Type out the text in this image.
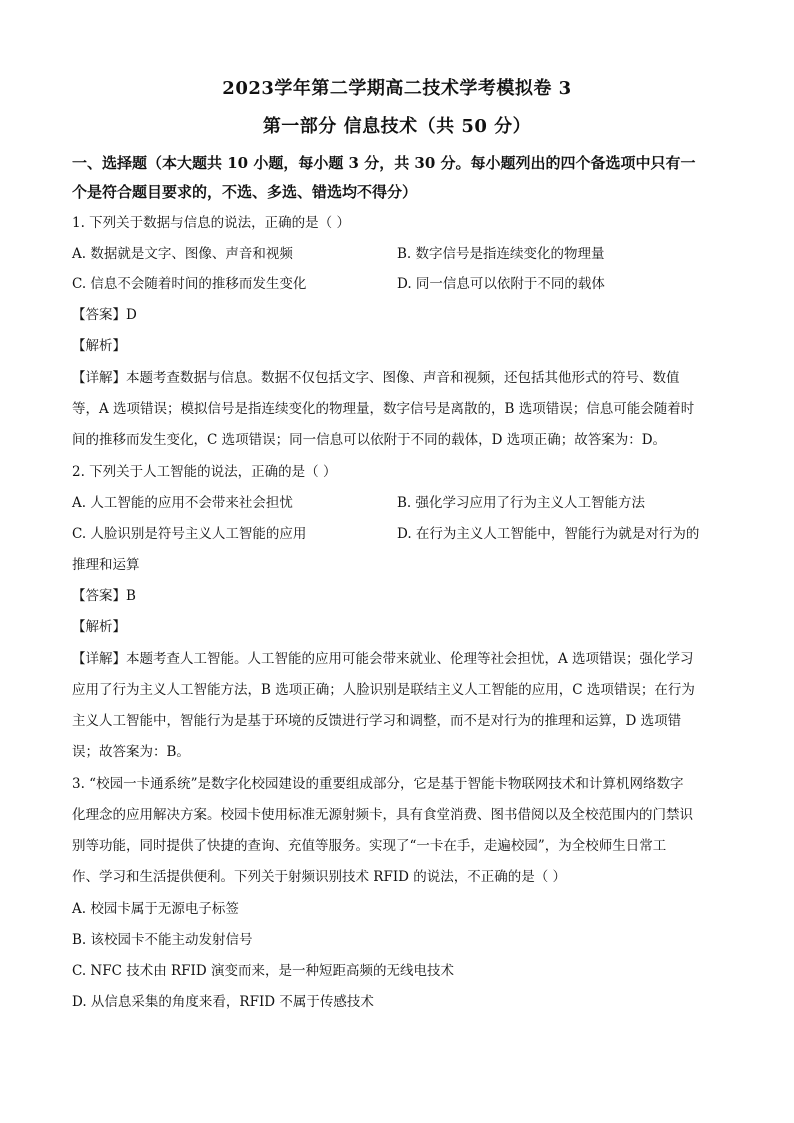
2023学年第二学期高二技术学考模拟卷 3
第一部分 信息技术（共 50 分）
一、选择题（本大题共 10 小题，每小题 3 分，共 30 分。每小题列出的四个备选项中只有一
个是符合题目要求的，不选、多选、错选均不得分）
1. 下列关于数据与信息的说法，正确的是（ ）
A. 数据就是文字、图像、声音和视频	B. 数字信号是指连续变化的物理量
C. 信息不会随着时间的推移而发生变化	D. 同一信息可以依附于不同的载体
【答案】D
【解析】
【详解】本题考查数据与信息。数据不仅包括文字、图像、声音和视频，还包括其他形式的符号、数值
等，A 选项错误；模拟信号是指连续变化的物理量，数字信号是离散的，B 选项错误；信息可能会随着时
间的推移而发生变化，C 选项错误；同一信息可以依附于不同的载体，D 选项正确；故答案为：D。
2. 下列关于人工智能的说法，正确的是（ ）
A. 人工智能的应用不会带来社会担忧	B. 强化学习应用了行为主义人工智能方法
C. 人脸识别是符号主义人工智能的应用	D. 在行为主义人工智能中，智能行为就是对行为的
推理和运算
【答案】B
【解析】
【详解】本题考查人工智能。人工智能的应用可能会带来就业、伦理等社会担忧，A 选项错误；强化学习
应用了行为主义人工智能方法，B 选项正确；人脸识别是联结主义人工智能的应用，C 选项错误；在行为
主义人工智能中，智能行为是基于环境的反馈进行学习和调整，而不是对行为的推理和运算，D 选项错
误；故答案为：B。
3. “校园一卡通系统”是数字化校园建设的重要组成部分，它是基于智能卡物联网技术和计算机网络数字
化理念的应用解决方案。校园卡使用标准无源射频卡，具有食堂消费、图书借阅以及全校范围内的门禁识
别等功能，同时提供了快捷的查询、充值等服务。实现了“一卡在手，走遍校园”，为全校师生日常工
作、学习和生活提供便利。下列关于射频识别技术 RFID 的说法，不正确的是（ ）
A. 校园卡属于无源电子标签
B. 该校园卡不能主动发射信号
C. NFC 技术由 RFID 演变而来，是一种短距高频的无线电技术
D. 从信息采集的角度来看，RFID 不属于传感技术
